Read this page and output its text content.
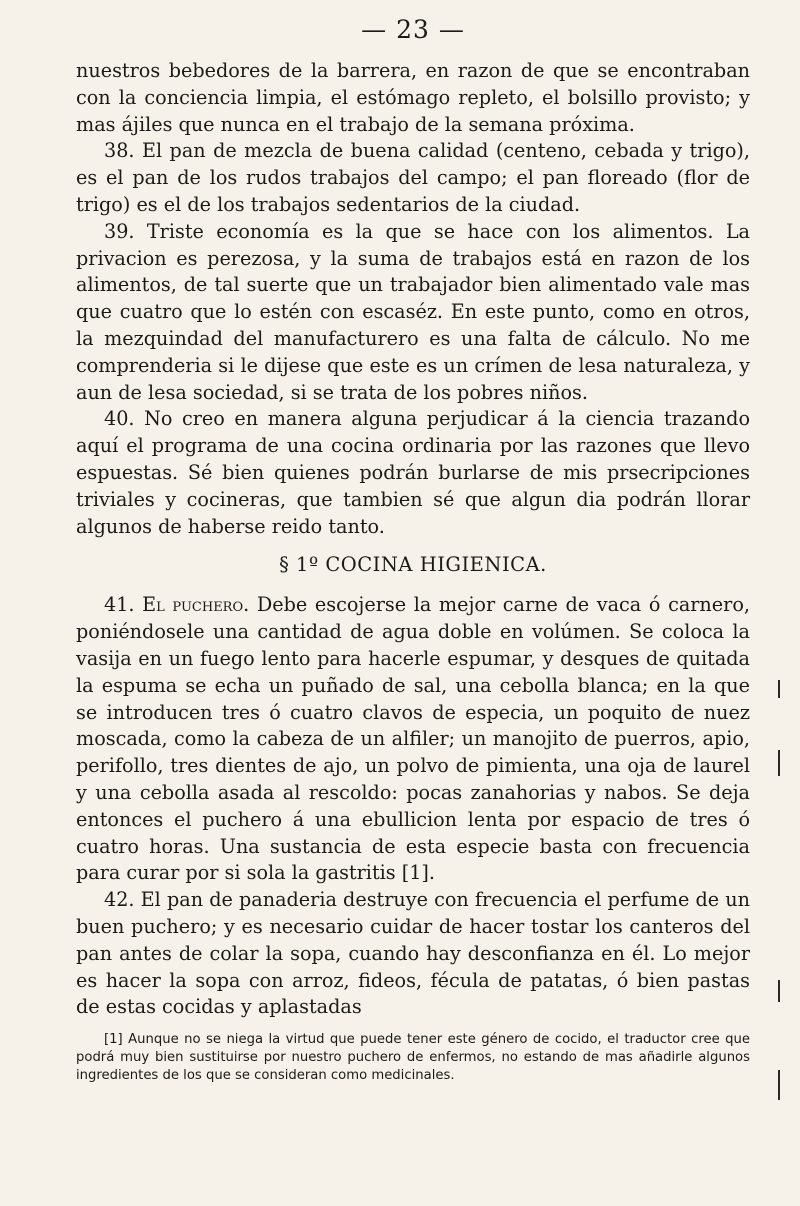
— 23 —

nuestros bebedores de la barrera, en razon de que se encontraban con la conciencia limpia, el estómago repleto, el bolsillo provisto; y mas ájiles que nunca en el trabajo de la semana próxima.

38. El pan de mezcla de buena calidad (centeno, cebada y trigo), es el pan de los rudos trabajos del campo; el pan floreado (flor de trigo) es el de los trabajos sedentarios de la ciudad.

39. Triste economía es la que se hace con los alimentos. La privacion es perezosa, y la suma de trabajos está en razon de los alimentos, de tal suerte que un trabajador bien alimentado vale mas que cuatro que lo estén con escaséz. En este punto, como en otros, la mezquindad del manufacturero es una falta de cálculo. No me comprenderia si le dijese que este es un crímen de lesa naturaleza, y aun de lesa sociedad, si se trata de los pobres niños.

40. No creo en manera alguna perjudicar á la ciencia trazando aquí el programa de una cocina ordinaria por las razones que llevo espuestas. Sé bien quienes podrán burlarse de mis prsecripciones triviales y cocineras, que tambien sé que algun dia podrán llorar algunos de haberse reido tanto.

§ 1º COCINA HIGIENICA.

41. El puchero. Debe escojerse la mejor carne de vaca ó carnero, poniéndosele una cantidad de agua doble en volúmen. Se coloca la vasija en un fuego lento para hacerle espumar, y desques de quitada la espuma se echa un puñado de sal, una cebolla blanca; en la que se introducen tres ó cuatro clavos de especia, un poquito de nuez moscada, como la cabeza de un alfiler; un manojito de puerros, apio, perifollo, tres dientes de ajo, un polvo de pimienta, una oja de laurel y una cebolla asada al rescoldo: pocas zanahorias y nabos. Se deja entonces el puchero á una ebullicion lenta por espacio de tres ó cuatro horas. Una sustancia de esta especie basta con frecuencia para curar por si sola la gastritis [1].

42. El pan de panaderia destruye con frecuencia el perfume de un buen puchero; y es necesario cuidar de hacer tostar los canteros del pan antes de colar la sopa, cuando hay desconfianza en él. Lo mejor es hacer la sopa con arroz, fideos, fécula de patatas, ó bien pastas de estas cocidas y aplastadas

[1] Aunque no se niega la virtud que puede tener este género de cocido, el traductor cree que podrá muy bien sustituirse por nuestro puchero de enfermos, no estando de mas añadirle algunos ingredientes de los que se consideran como medicinales.
